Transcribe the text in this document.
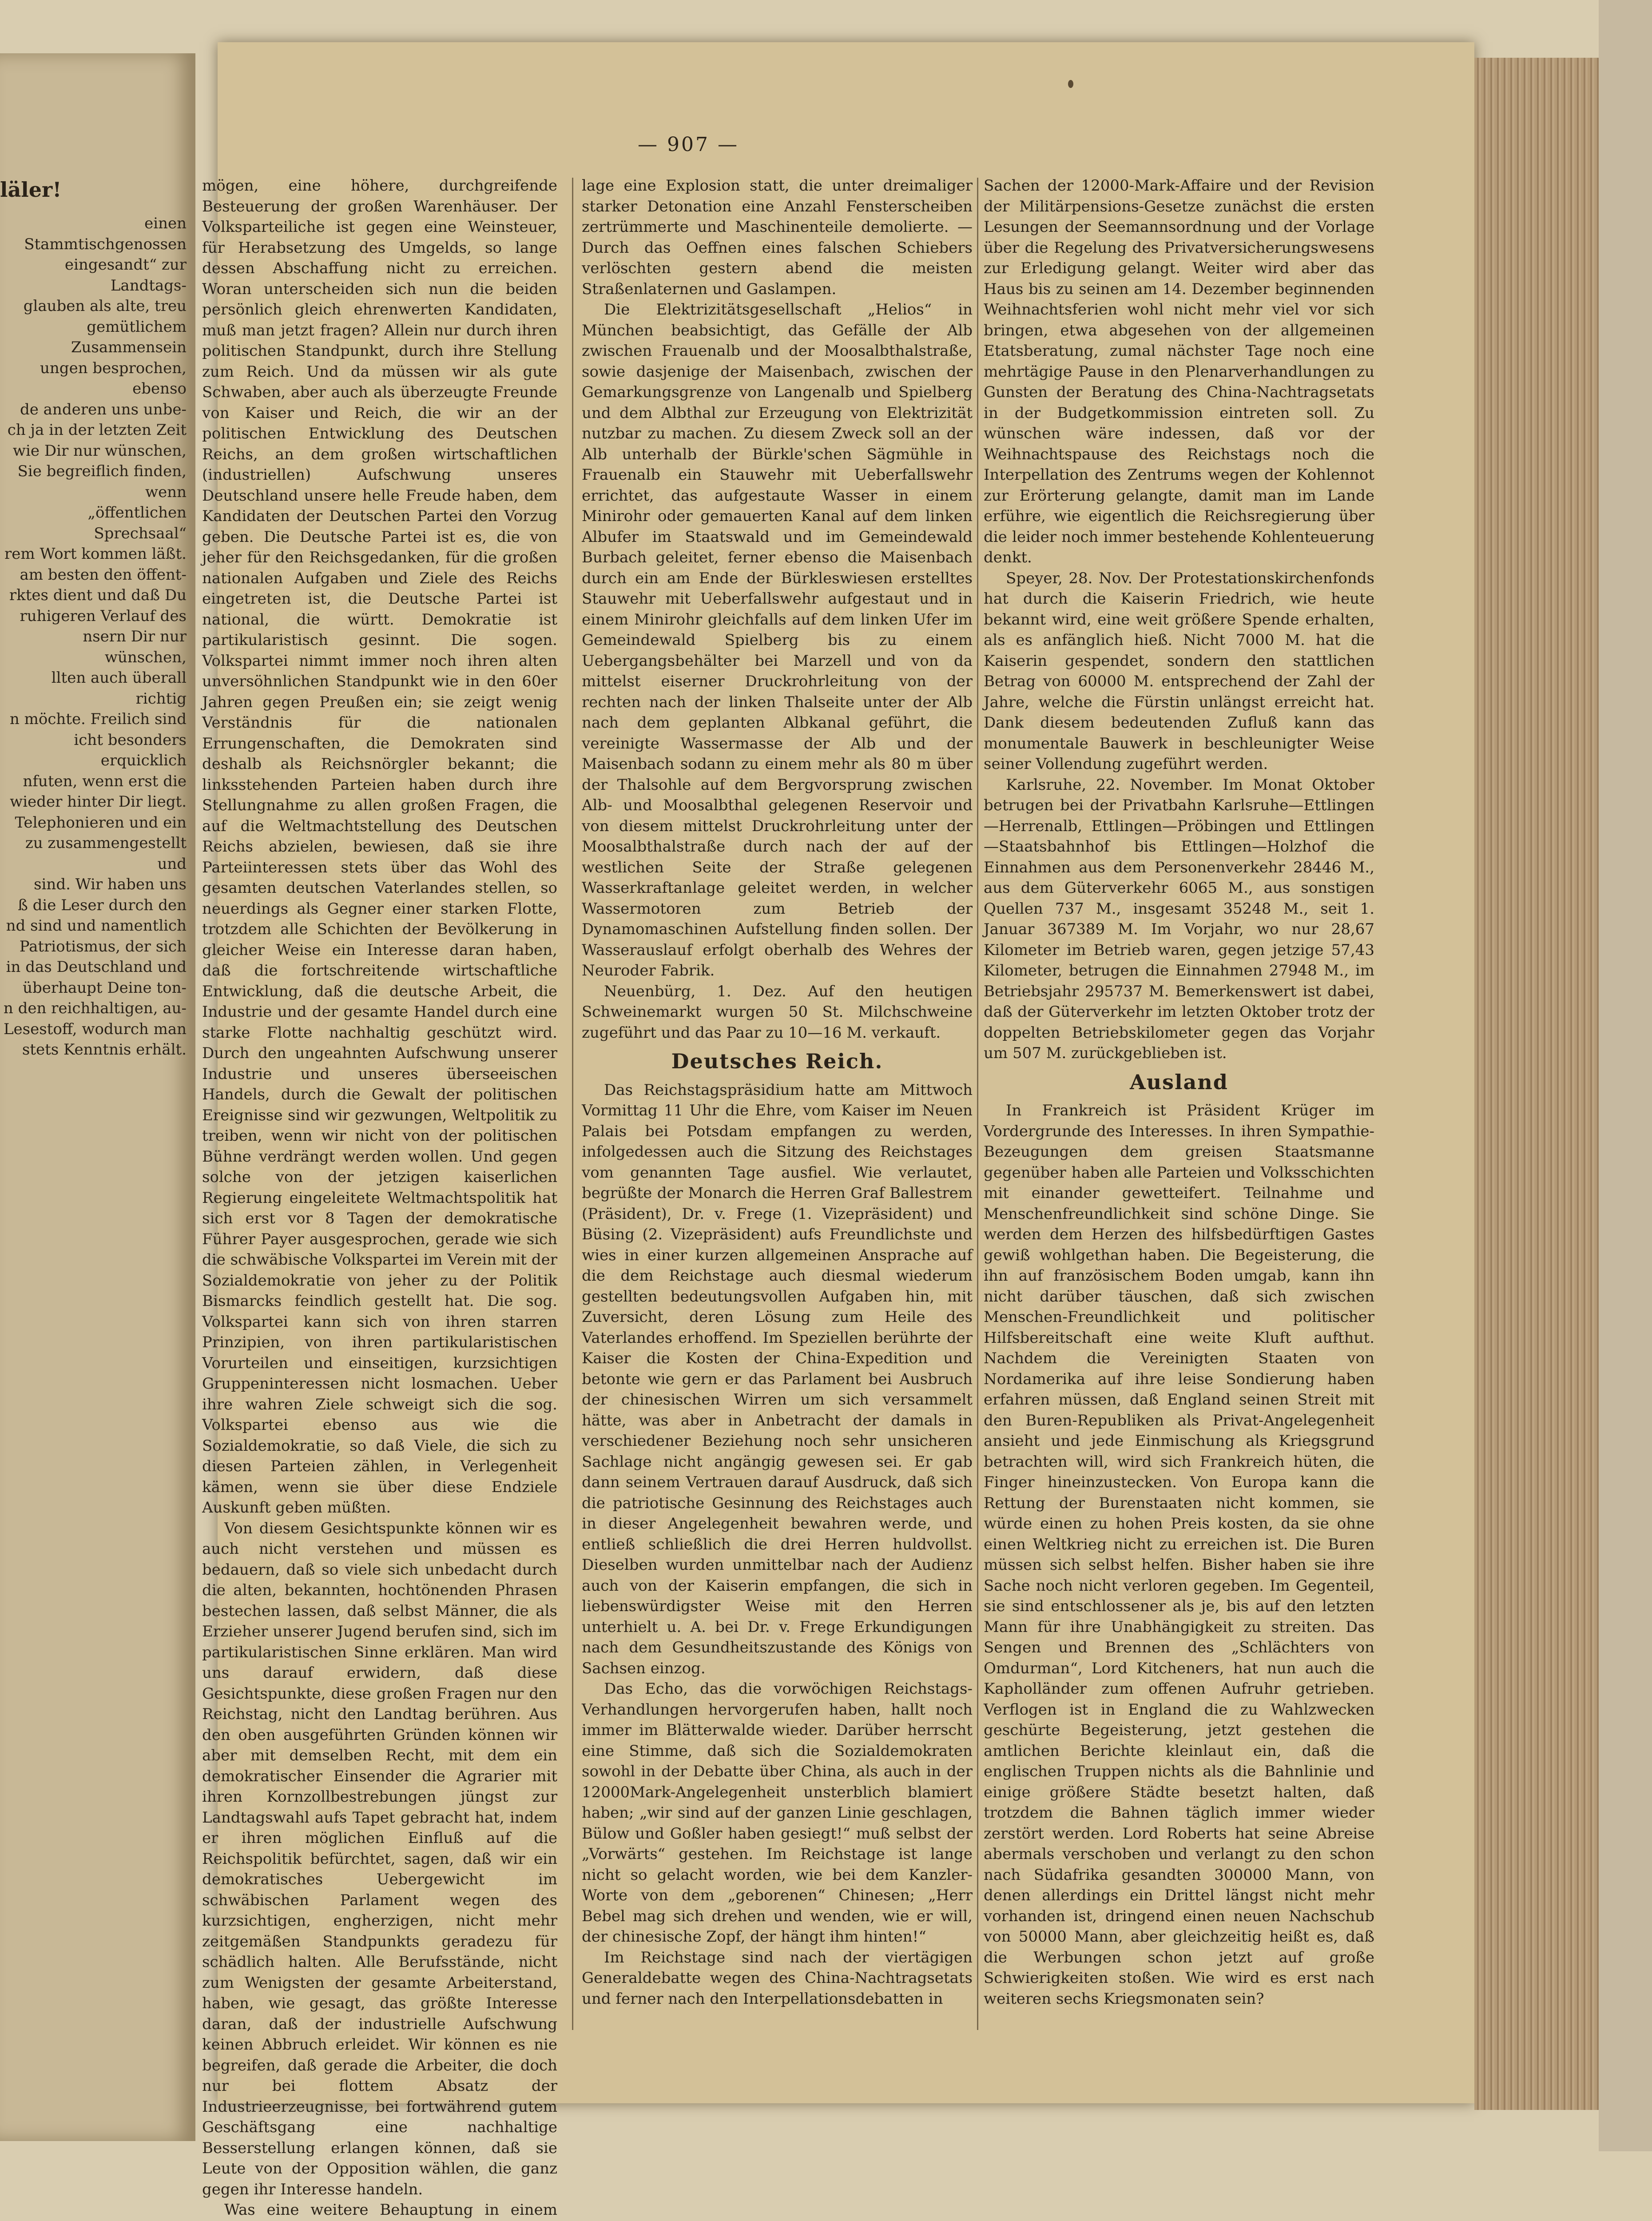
läler!
einen Stammtischgenossen
eingesandt“ zur Landtags-
glauben als alte, treu
gemütlichem Zusammensein
ungen besprochen, ebenso
de anderen uns unbe-
ch ja in der letzten Zeit
wie Dir nur wünschen,
Sie begreiflich finden, wenn
„öffentlichen Sprechsaal“
rem Wort kommen läßt.
am besten den öffent-
rktes dient und daß Du
ruhigeren Verlauf des
nsern Dir nur wünschen,
llten auch überall richtig
n möchte. Freilich sind
icht besonders erquicklich
nfuten, wenn erst die
wieder hinter Dir liegt.
Telephonieren und ein
zu zusammengestellt und
sind. Wir haben uns
ß die Leser durch den
nd sind und namentlich
Patriotismus, der sich
in das Deutschland und
überhaupt Deine ton-
n den reichhaltigen, au-
Lesestoff, wodurch man
stets Kenntnis erhält.
— 907 —

mögen, eine höhere, durchgreifende Besteuerung der großen Warenhäuser. Der Volksparteiliche ist gegen eine Weinsteuer, für Herabsetzung des Umgelds, so lange dessen Abschaffung nicht zu erreichen. Woran unterscheiden sich nun die beiden persönlich gleich ehrenwerten Kandidaten, muß man jetzt fragen? Allein nur durch ihren politischen Standpunkt, durch ihre Stellung zum Reich. Und da müssen wir als gute Schwaben, aber auch als überzeugte Freunde von Kaiser und Reich, die wir an der politischen Entwicklung des Deutschen Reichs, an dem großen wirtschaftlichen (industriellen) Aufschwung unseres Deutschland unsere helle Freude haben, dem Kandidaten der Deutschen Partei den Vorzug geben. Die Deutsche Partei ist es, die von jeher für den Reichsgedanken, für die großen nationalen Aufgaben und Ziele des Reichs eingetreten ist, die Deutsche Partei ist national, die württ. Demokratie ist partikularistisch gesinnt. Die sogen. Volkspartei nimmt immer noch ihren alten unversöhnlichen Standpunkt wie in den 60er Jahren gegen Preußen ein; sie zeigt wenig Verständnis für die nationalen Errungenschaften, die Demokraten sind deshalb als Reichsnörgler bekannt; die linksstehenden Parteien haben durch ihre Stellungnahme zu allen großen Fragen, die auf die Weltmachtstellung des Deutschen Reichs abzielen, bewiesen, daß sie ihre Parteiinteressen stets über das Wohl des gesamten deutschen Vaterlandes stellen, so neuerdings als Gegner einer starken Flotte, trotzdem alle Schichten der Bevölkerung in gleicher Weise ein Interesse daran haben, daß die fortschreitende wirtschaftliche Entwicklung, daß die deutsche Arbeit, die Industrie und der gesamte Handel durch eine starke Flotte nachhaltig geschützt wird. Durch den ungeahnten Aufschwung unserer Industrie und unseres überseeischen Handels, durch die Gewalt der politischen Ereignisse sind wir gezwungen, Weltpolitik zu treiben, wenn wir nicht von der politischen Bühne verdrängt werden wollen. Und gegen solche von der jetzigen kaiserlichen Regierung eingeleitete Weltmachtspolitik hat sich erst vor 8 Tagen der demokratische Führer Payer ausgesprochen, gerade wie sich die schwäbische Volkspartei im Verein mit der Sozialdemokratie von jeher zu der Politik Bismarcks feindlich gestellt hat. Die sog. Volkspartei kann sich von ihren starren Prinzipien, von ihren partikularistischen Vorurteilen und einseitigen, kurzsichtigen Gruppeninteressen nicht losmachen. Ueber ihre wahren Ziele schweigt sich die sog. Volkspartei ebenso aus wie die Sozialdemokratie, so daß Viele, die sich zu diesen Parteien zählen, in Verlegenheit kämen, wenn sie über diese Endziele Auskunft geben müßten.

Von diesem Gesichtspunkte können wir es auch nicht verstehen und müssen es bedauern, daß so viele sich unbedacht durch die alten, bekannten, hochtönenden Phrasen bestechen lassen, daß selbst Männer, die als Erzieher unserer Jugend berufen sind, sich im partikularistischen Sinne erklären. Man wird uns darauf erwidern, daß diese Gesichtspunkte, diese großen Fragen nur den Reichstag, nicht den Landtag berühren. Aus den oben ausgeführten Gründen können wir aber mit demselben Recht, mit dem ein demokratischer Einsender die Agrarier mit ihren Kornzollbestrebungen jüngst zur Landtagswahl aufs Tapet gebracht hat, indem er ihren möglichen Einfluß auf die Reichspolitik befürchtet, sagen, daß wir ein demokratisches Uebergewicht im schwäbischen Parlament wegen des kurzsichtigen, engherzigen, nicht mehr zeitgemäßen Standpunkts geradezu für schädlich halten. Alle Berufsstände, nicht zum Wenigsten der gesamte Arbeiterstand, haben, wie gesagt, das größte Interesse daran, daß der industrielle Aufschwung keinen Abbruch erleidet. Wir können es nie begreifen, daß gerade die Arbeiter, die doch nur bei flottem Absatz der Industrieerzeugnisse, bei fortwährend gutem Geschäftsgang eine nachhaltige Besserstellung erlangen können, daß sie Leute von der Opposition wählen, die ganz gegen ihr Interesse handeln.

Was eine weitere Behauptung in einem

lage eine Explosion statt, die unter dreimaliger starker Detonation eine Anzahl Fensterscheiben zertrümmerte und Maschinenteile demolierte. — Durch das Oeffnen eines falschen Schiebers verlöschten gestern abend die meisten Straßenlaternen und Gaslampen.

Die Elektrizitätsgesellschaft „Helios“ in München beabsichtigt, das Gefälle der Alb zwischen Frauenalb und der Moosalbthalstraße, sowie dasjenige der Maisenbach, zwischen der Gemarkungsgrenze von Langenalb und Spielberg und dem Albthal zur Erzeugung von Elektrizität nutzbar zu machen. Zu diesem Zweck soll an der Alb unterhalb der Bürkle'schen Sägmühle in Frauenalb ein Stauwehr mit Ueberfallswehr errichtet, das aufgestaute Wasser in einem Minirohr oder gemauerten Kanal auf dem linken Albufer im Staatswald und im Gemeindewald Burbach geleitet, ferner ebenso die Maisenbach durch ein am Ende der Bürkleswiesen erstelltes Stauwehr mit Ueberfallswehr aufgestaut und in einem Minirohr gleichfalls auf dem linken Ufer im Gemeindewald Spielberg bis zu einem Uebergangsbehälter bei Marzell und von da mittelst eiserner Druckrohrleitung von der rechten nach der linken Thalseite unter der Alb nach dem geplanten Albkanal geführt, die vereinigte Wassermasse der Alb und der Maisenbach sodann zu einem mehr als 80 m über der Thalsohle auf dem Bergvorsprung zwischen Alb- und Moosalbthal gelegenen Reservoir und von diesem mittelst Druckrohrleitung unter der Moosalbthalstraße durch nach der auf der westlichen Seite der Straße gelegenen Wasserkraftanlage geleitet werden, in welcher Wassermotoren zum Betrieb der Dynamomaschinen Aufstellung finden sollen. Der Wasserauslauf erfolgt oberhalb des Wehres der Neuroder Fabrik.

Neuenbürg, 1. Dez. Auf den heutigen Schweinemarkt wurgen 50 St. Milchschweine zugeführt und das Paar zu 10—16 M. verkauft.

Deutsches Reich.

Das Reichstagspräsidium hatte am Mittwoch Vormittag 11 Uhr die Ehre, vom Kaiser im Neuen Palais bei Potsdam empfangen zu werden, infolgedessen auch die Sitzung des Reichstages vom genannten Tage ausfiel. Wie verlautet, begrüßte der Monarch die Herren Graf Ballestrem (Präsident), Dr. v. Frege (1. Vizepräsident) und Büsing (2. Vizepräsident) aufs Freundlichste und wies in einer kurzen allgemeinen Ansprache auf die dem Reichstage auch diesmal wiederum gestellten bedeutungsvollen Aufgaben hin, mit Zuversicht, deren Lösung zum Heile des Vaterlandes erhoffend. Im Speziellen berührte der Kaiser die Kosten der China-Expedition und betonte wie gern er das Parlament bei Ausbruch der chinesischen Wirren um sich versammelt hätte, was aber in Anbetracht der damals in verschiedener Beziehung noch sehr unsicheren Sachlage nicht angängig gewesen sei. Er gab dann seinem Vertrauen darauf Ausdruck, daß sich die patriotische Gesinnung des Reichstages auch in dieser Angelegenheit bewahren werde, und entließ schließlich die drei Herren huldvollst. Dieselben wurden unmittelbar nach der Audienz auch von der Kaiserin empfangen, die sich in liebenswürdigster Weise mit den Herren unterhielt u. A. bei Dr. v. Frege Erkundigungen nach dem Gesundheitszustande des Königs von Sachsen einzog.

Das Echo, das die vorwöchigen Reichstags-Verhandlungen hervorgerufen haben, hallt noch immer im Blätterwalde wieder. Darüber herrscht eine Stimme, daß sich die Sozialdemokraten sowohl in der Debatte über China, als auch in der 12000Mark-Angelegenheit unsterblich blamiert haben; „wir sind auf der ganzen Linie geschlagen, Bülow und Goßler haben gesiegt!“ muß selbst der „Vorwärts“ gestehen. Im Reichstage ist lange nicht so gelacht worden, wie bei dem Kanzler-Worte von dem „geborenen“ Chinesen; „Herr Bebel mag sich drehen und wenden, wie er will, der chinesische Zopf, der hängt ihm hinten!“

Im Reichstage sind nach der viertägigen Generaldebatte wegen des China-Nachtragsetats und ferner nach den Interpellationsdebatten in

Sachen der 12000-Mark-Affaire und der Revision der Militärpensions-Gesetze zunächst die ersten Lesungen der Seemannsordnung und der Vorlage über die Regelung des Privatversicherungswesens zur Erledigung gelangt. Weiter wird aber das Haus bis zu seinen am 14. Dezember beginnenden Weihnachtsferien wohl nicht mehr viel vor sich bringen, etwa abgesehen von der allgemeinen Etatsberatung, zumal nächster Tage noch eine mehrtägige Pause in den Plenarverhandlungen zu Gunsten der Beratung des China-Nachtragsetats in der Budgetkommission eintreten soll. Zu wünschen wäre indessen, daß vor der Weihnachtspause des Reichstags noch die Interpellation des Zentrums wegen der Kohlennot zur Erörterung gelangte, damit man im Lande erführe, wie eigentlich die Reichsregierung über die leider noch immer bestehende Kohlenteuerung denkt.

Speyer, 28. Nov. Der Protestationskirchenfonds hat durch die Kaiserin Friedrich, wie heute bekannt wird, eine weit größere Spende erhalten, als es anfänglich hieß. Nicht 7000 M. hat die Kaiserin gespendet, sondern den stattlichen Betrag von 60000 M. entsprechend der Zahl der Jahre, welche die Fürstin unlängst erreicht hat. Dank diesem bedeutenden Zufluß kann das monumentale Bauwerk in beschleunigter Weise seiner Vollendung zugeführt werden.

Karlsruhe, 22. November. Im Monat Oktober betrugen bei der Privatbahn Karlsruhe—Ettlingen—Herrenalb, Ettlingen—Pröbingen und Ettlingen—Staatsbahnhof bis Ettlingen—Holzhof die Einnahmen aus dem Personenverkehr 28446 M., aus dem Güterverkehr 6065 M., aus sonstigen Quellen 737 M., insgesamt 35248 M., seit 1. Januar 367389 M. Im Vorjahr, wo nur 28,67 Kilometer im Betrieb waren, gegen jetzige 57,43 Kilometer, betrugen die Einnahmen 27948 M., im Betriebsjahr 295737 M. Bemerkenswert ist dabei, daß der Güterverkehr im letzten Oktober trotz der doppelten Betriebskilometer gegen das Vorjahr um 507 M. zurückgeblieben ist.

Ausland

In Frankreich ist Präsident Krüger im Vordergrunde des Interesses. In ihren Sympathie-Bezeugungen dem greisen Staatsmanne gegenüber haben alle Parteien und Volksschichten mit einander gewetteifert. Teilnahme und Menschenfreundlichkeit sind schöne Dinge. Sie werden dem Herzen des hilfsbedürftigen Gastes gewiß wohlgethan haben. Die Begeisterung, die ihn auf französischem Boden umgab, kann ihn nicht darüber täuschen, daß sich zwischen Menschen-Freundlichkeit und politischer Hilfsbereitschaft eine weite Kluft aufthut. Nachdem die Vereinigten Staaten von Nordamerika auf ihre leise Sondierung haben erfahren müssen, daß England seinen Streit mit den Buren-Republiken als Privat-Angelegenheit ansieht und jede Einmischung als Kriegsgrund betrachten will, wird sich Frankreich hüten, die Finger hineinzustecken. Von Europa kann die Rettung der Burenstaaten nicht kommen, sie würde einen zu hohen Preis kosten, da sie ohne einen Weltkrieg nicht zu erreichen ist. Die Buren müssen sich selbst helfen. Bisher haben sie ihre Sache noch nicht verloren gegeben. Im Gegenteil, sie sind entschlossener als je, bis auf den letzten Mann für ihre Unabhängigkeit zu streiten. Das Sengen und Brennen des „Schlächters von Omdurman“, Lord Kitcheners, hat nun auch die Kapholländer zum offenen Aufruhr getrieben. Verflogen ist in England die zu Wahlzwecken geschürte Begeisterung, jetzt gestehen die amtlichen Berichte kleinlaut ein, daß die englischen Truppen nichts als die Bahnlinie und einige größere Städte besetzt halten, daß trotzdem die Bahnen täglich immer wieder zerstört werden. Lord Roberts hat seine Abreise abermals verschoben und verlangt zu den schon nach Südafrika gesandten 300000 Mann, von denen allerdings ein Drittel längst nicht mehr vorhanden ist, dringend einen neuen Nachschub von 50000 Mann, aber gleichzeitig heißt es, daß die Werbungen schon jetzt auf große Schwierigkeiten stoßen. Wie wird es erst nach weiteren sechs Kriegsmonaten sein?
